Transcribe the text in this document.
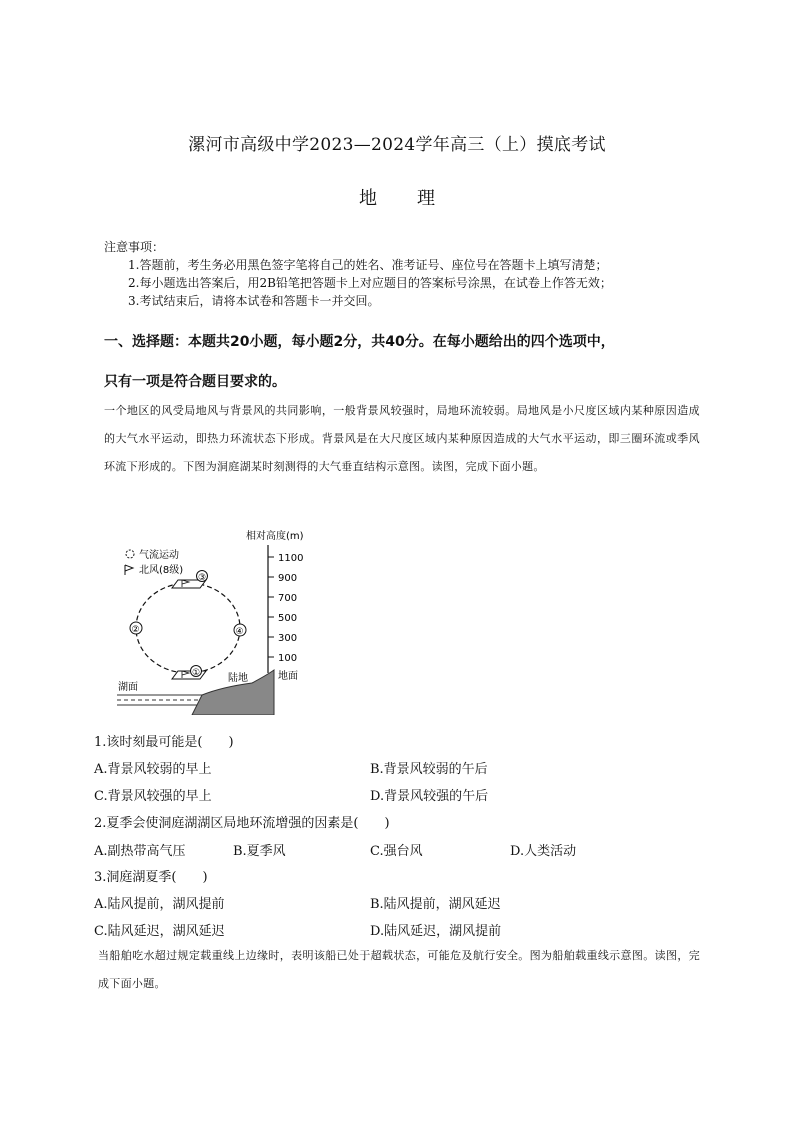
漯河市高级中学2023—2024学年高三（上）摸底考试
地 理
注意事项：
1.答题前，考生务必用黑色签字笔将自己的姓名、准考证号、座位号在答题卡上填写清楚；
2.每小题选出答案后，用2B铅笔把答题卡上对应题目的答案标号涂黑，在试卷上作答无效；
3.考试结束后，请将本试卷和答题卡一并交回。
一、选择题：本题共20小题，每小题2分，共40分。在每小题给出的四个选项中，
只有一项是符合题目要求的。
一个地区的风受局地风与背景风的共同影响，一般背景风较强时，局地环流较弱。局地风是小尺度区域内某种原因造成的大气水平运动，即热力环流状态下形成。背景风是在大尺度区域内某种原因造成的大气水平运动，即三圈环流或季风环流下形成的。下图为洞庭湖某时刻测得的大气垂直结构示意图。读图，完成下面小题。
相对高度(m)
1100
900
700
500
300
100
地面
气流运动
北风(8级)
③
①
②	④
湖面
陆地
1.该时刻最可能是(　　)
A.背景风较弱的早上	B.背景风较弱的午后
C.背景风较强的早上	D.背景风较强的午后
2.夏季会使洞庭湖湖区局地环流增强的因素是(　　)
A.副热带高气压	B.夏季风	C.强台风	D.人类活动
3.洞庭湖夏季(　　)
A.陆风提前，湖风提前	B.陆风提前，湖风延迟
C.陆风延迟，湖风延迟	D.陆风延迟，湖风提前
当船舶吃水超过规定载重线上边缘时，表明该船已处于超载状态，可能危及航行安全。图为船舶载重线示意图。读图，完成下面小题。
